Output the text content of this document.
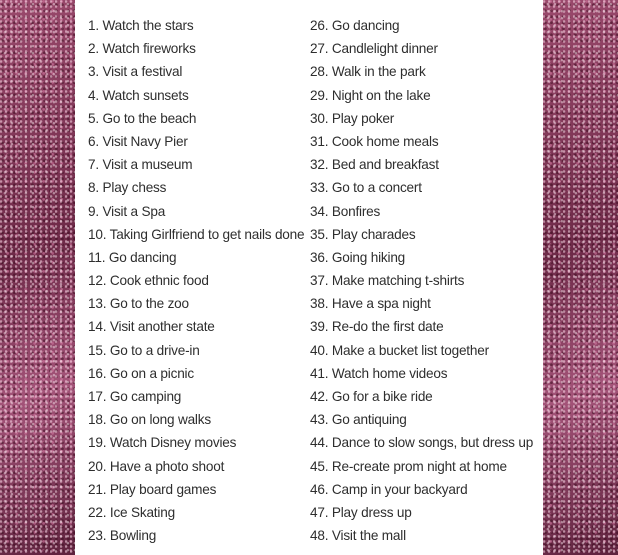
1. Watch the stars
2. Watch fireworks
3. Visit a festival
4. Watch sunsets
5. Go to the beach
6. Visit Navy Pier
7. Visit a museum
8. Play chess
9. Visit a Spa
10. Taking Girlfriend to get nails done
11. Go dancing
12. Cook ethnic food
13. Go to the zoo
14. Visit another state
15. Go to a drive-in
16. Go on a picnic
17. Go camping
18. Go on long walks
19. Watch Disney movies
20. Have a photo shoot
21. Play board games
22. Ice Skating
23. Bowling
26. Go dancing
27. Candlelight dinner
28. Walk in the park
29. Night on the lake
30. Play poker
31. Cook home meals
32. Bed and breakfast
33. Go to a concert
34. Bonfires
35. Play charades
36. Going hiking
37. Make matching t-shirts
38. Have a spa night
39. Re-do the first date
40. Make a bucket list together
41. Watch home videos
42. Go for a bike ride
43. Go antiquing
44. Dance to slow songs, but dress up
45. Re-create prom night at home
46. Camp in your backyard
47. Play dress up
48. Visit the mall
